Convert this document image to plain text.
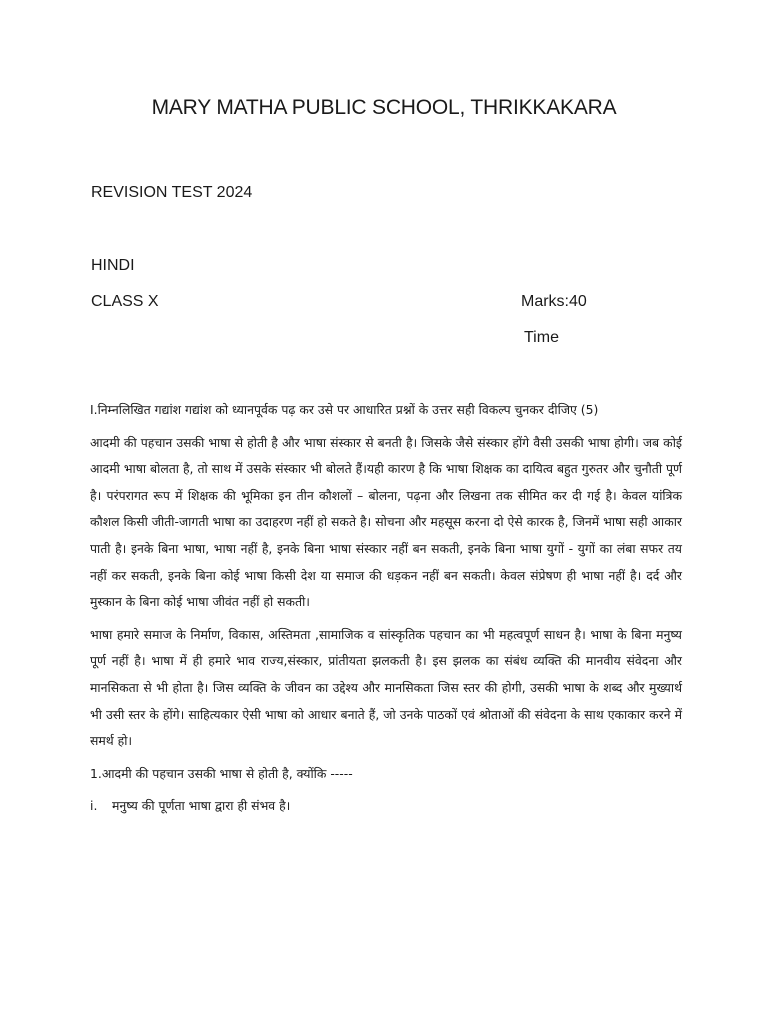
MARY MATHA PUBLIC SCHOOL, THRIKKAKARA
REVISION TEST 2024
HINDI
CLASS X	Marks:40
Time

I.निम्नलिखित गद्यांश गद्यांश को ध्यानपूर्वक पढ़ कर उसे पर आधारित प्रश्नों के उत्तर सही विकल्प चुनकर दीजिए (5)

आदमी की पहचान उसकी भाषा से होती है और भाषा संस्कार से बनती है। जिसके जैसे संस्कार होंगे वैसी उसकी भाषा होगी। जब कोई आदमी भाषा बोलता है, तो साथ में उसके संस्कार भी बोलते हैं।यही कारण है कि भाषा शिक्षक का दायित्व बहुत गुरुतर और चुनौती पूर्ण है। परंपरागत रूप में शिक्षक की भूमिका इन तीन कौशलों – बोलना, पढ़ना और लिखना तक सीमित कर दी गई है। केवल यांत्रिक कौशल किसी जीती-जागती भाषा का उदाहरण नहीं हो सकते है। सोचना और महसूस करना दो ऐसे कारक है, जिनमें भाषा सही आकार पाती है। इनके बिना भाषा, भाषा नहीं है, इनके बिना भाषा संस्कार नहीं बन सकती, इनके बिना भाषा युगों - युगों का लंबा सफर तय नहीं कर सकती, इनके बिना कोई भाषा किसी देश या समाज की धड़कन नहीं बन सकती। केवल संप्रेषण ही भाषा नहीं है। दर्द और मुस्कान के बिना कोई भाषा जीवंत नहीं हो सकती।

भाषा हमारे समाज के निर्माण, विकास, अस्तिमता ,सामाजिक व सांस्कृतिक पहचान का भी महत्वपूर्ण साधन है। भाषा के बिना मनुष्य पूर्ण नहीं है। भाषा में ही हमारे भाव राज्य,संस्कार, प्रांतीयता झलकती है। इस झलक का संबंध व्यक्ति की मानवीय संवेदना और मानसिकता से भी होता है। जिस व्यक्ति के जीवन का उद्देश्य और मानसिकता जिस स्तर की होगी, उसकी भाषा के शब्द और मुख्यार्थ भी उसी स्तर के होंगे। साहित्यकार ऐसी भाषा को आधार बनाते हैं, जो उनके पाठकों एवं श्रोताओं की संवेदना के साथ एकाकार करने में समर्थ हो।

1.आदमी की पहचान उसकी भाषा से होती है, क्योंकि -----

i. मनुष्य की पूर्णता भाषा द्वारा ही संभव है।
